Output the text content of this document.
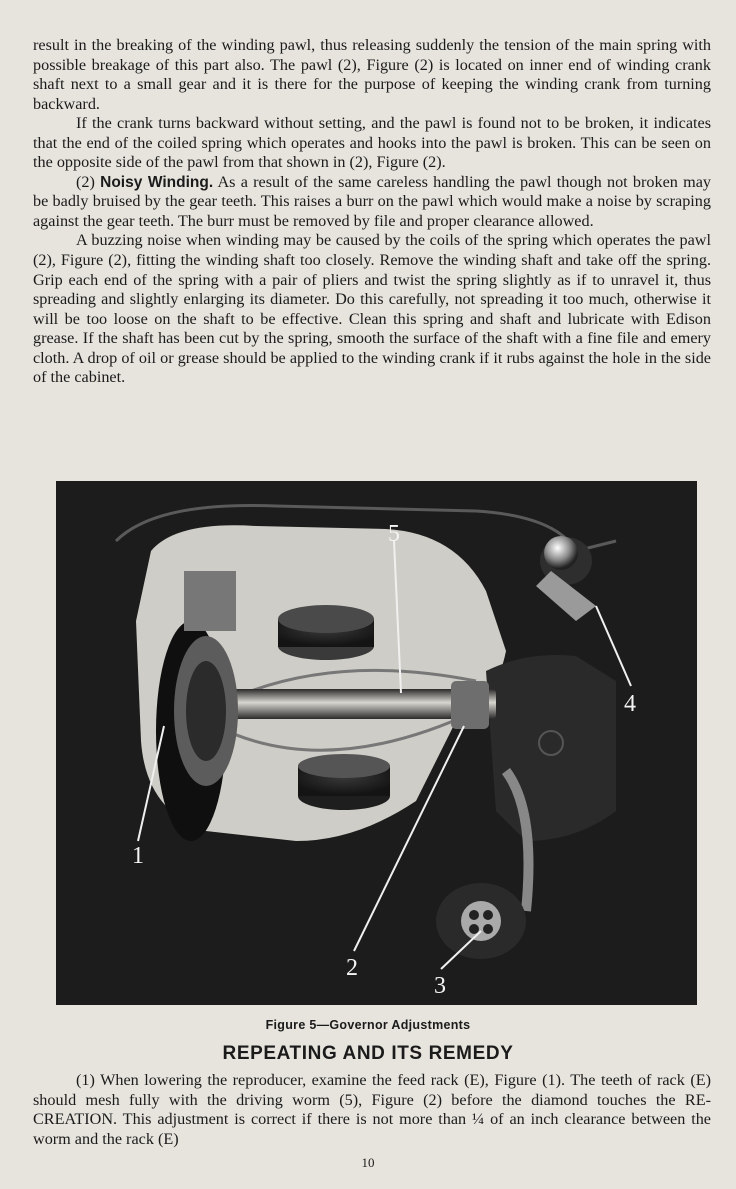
result in the breaking of the winding pawl, thus releasing suddenly the tension of the main spring with possible breakage of this part also. The pawl (2), Figure (2) is located on inner end of winding crank shaft next to a small gear and it is there for the purpose of keeping the winding crank from turning backward.

If the crank turns backward without setting, and the pawl is found not to be broken, it indicates that the end of the coiled spring which operates and hooks into the pawl is broken. This can be seen on the opposite side of the pawl from that shown in (2), Figure (2).

(2) Noisy Winding. As a result of the same careless handling the pawl though not broken may be badly bruised by the gear teeth. This raises a burr on the pawl which would make a noise by scraping against the gear teeth. The burr must be removed by file and proper clearance allowed.

A buzzing noise when winding may be caused by the coils of the spring which operates the pawl (2), Figure (2), fitting the winding shaft too closely. Remove the winding shaft and take off the spring. Grip each end of the spring with a pair of pliers and twist the spring slightly as if to unravel it, thus spreading and slightly enlarging its diameter. Do this carefully, not spreading it too much, otherwise it will be too loose on the shaft to be effective. Clean this spring and shaft and lubricate with Edison grease. If the shaft has been cut by the spring, smooth the surface of the shaft with a fine file and emery cloth. A drop of oil or grease should be applied to the winding crank if it rubs against the hole in the side of the cabinet.

5
4
1
2
3
Figure 5—Governor Adjustments
REPEATING AND ITS REMEDY

(1) When lowering the reproducer, examine the feed rack (E), Figure (1). The teeth of rack (E) should mesh fully with the driving worm (5), Figure (2) before the diamond touches the RE-CREATION. This adjustment is correct if there is not more than ¼ of an inch clearance between the worm and the rack (E)

10
